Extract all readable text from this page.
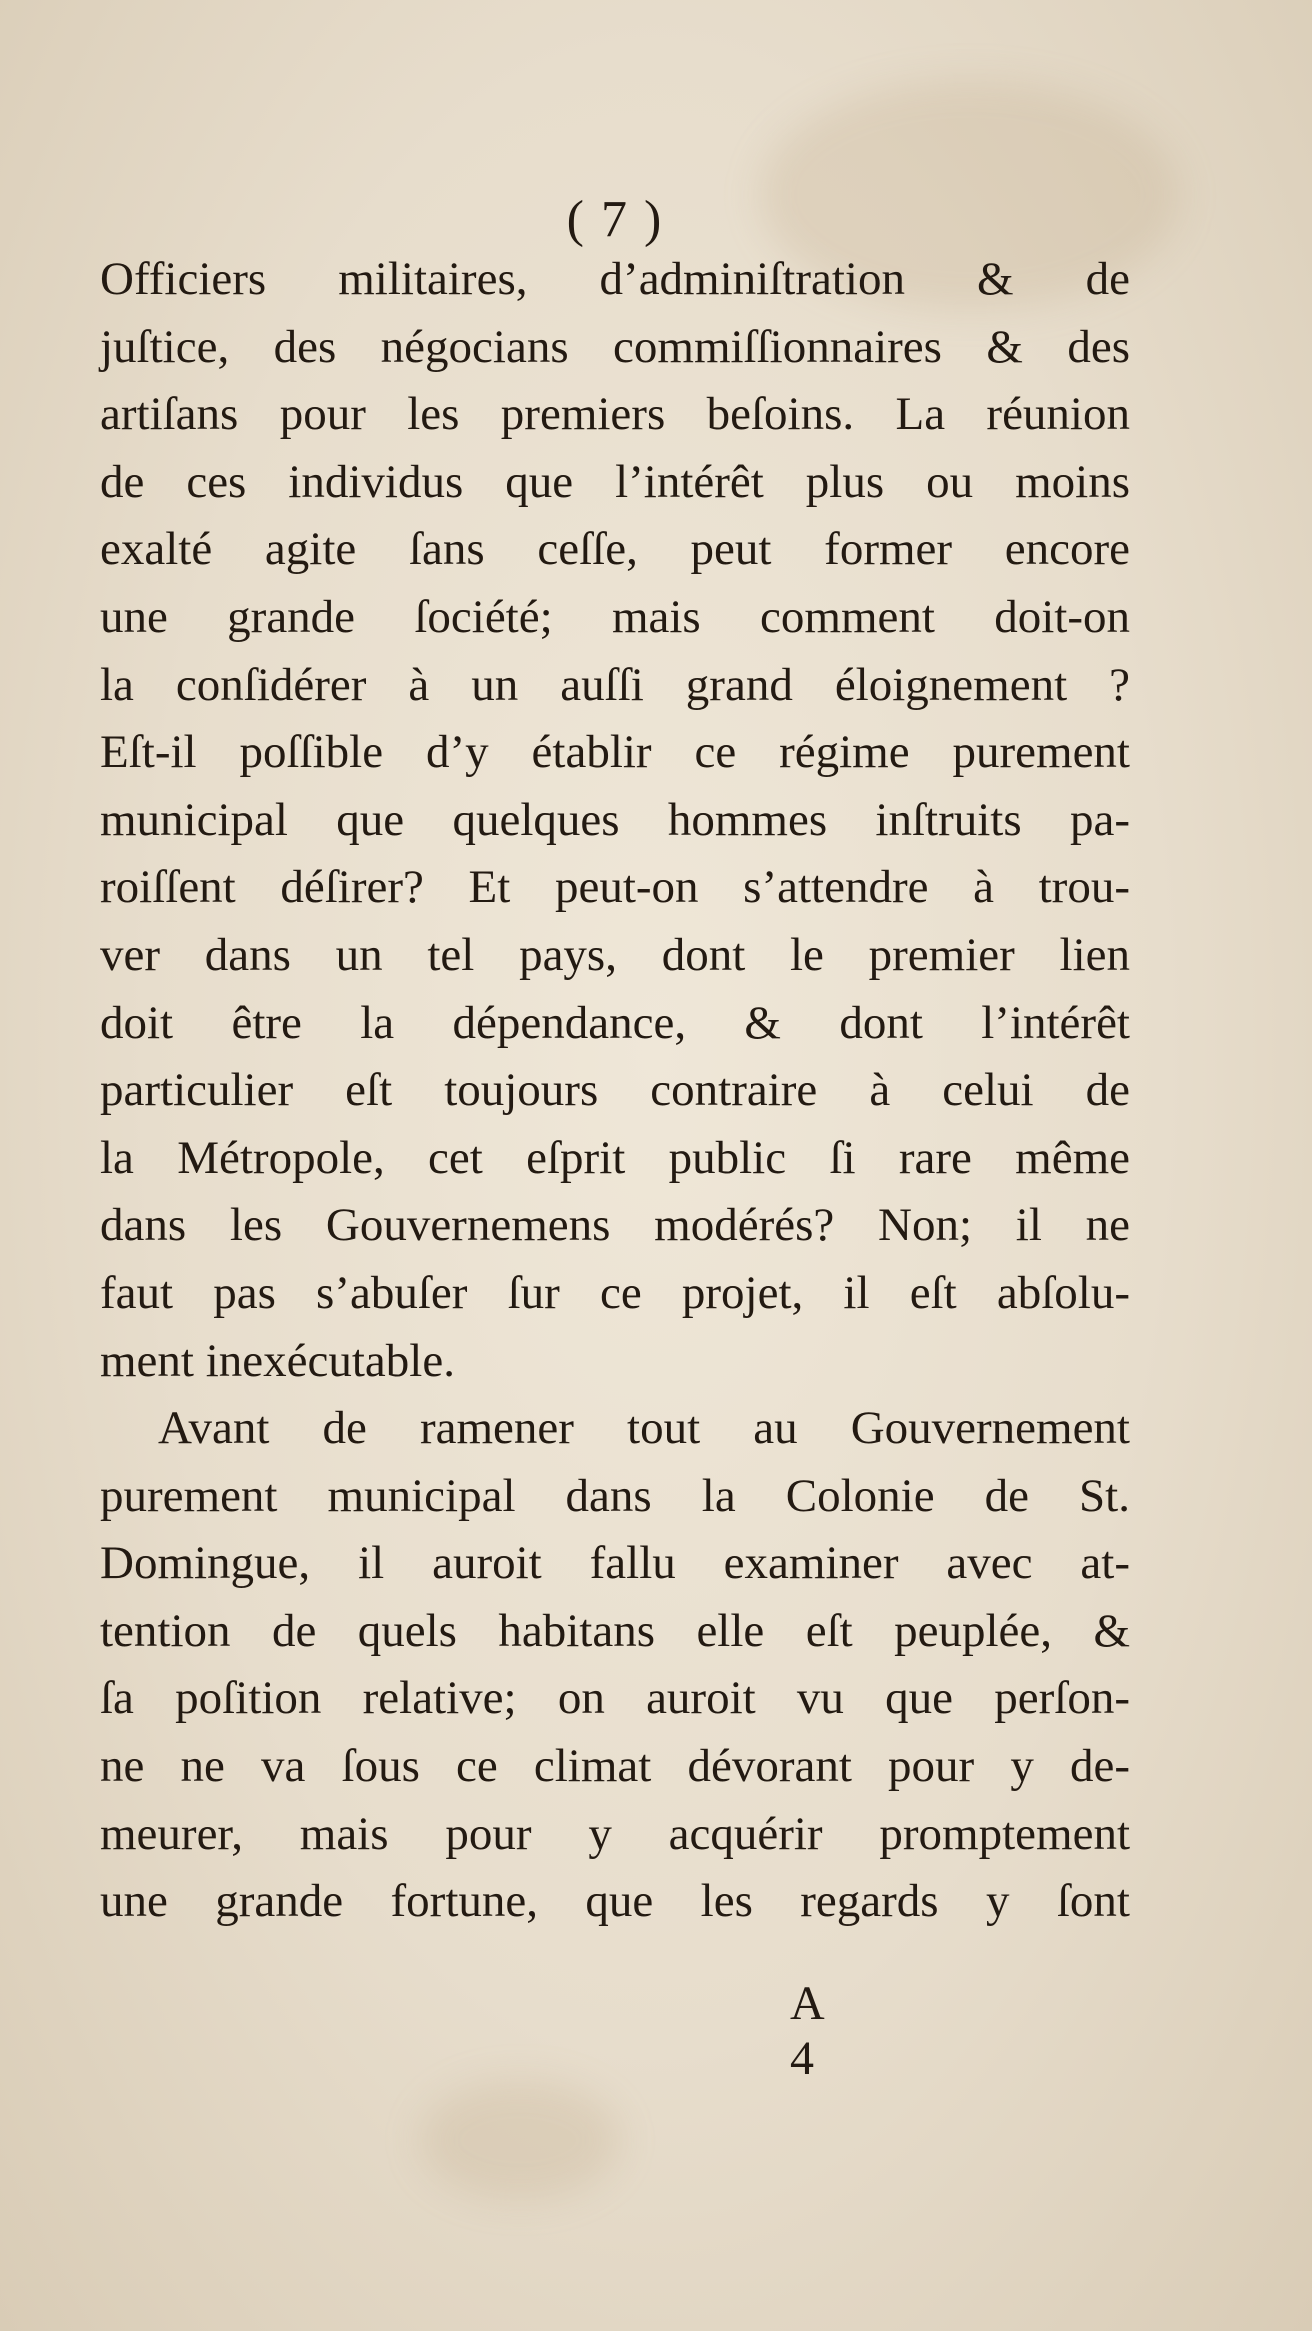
( 7 )
Officiers militaires, d’adminiſtration & de
juſtice, des négocians commiſſionnaires & des
artiſans pour les premiers beſoins. La réunion
de ces individus que l’intérêt plus ou moins
exalté agite ſans ceſſe, peut former encore
une grande ſociété; mais comment doit-on
la conſidérer à un auſſi grand éloignement ?
Eſt-il poſſible d’y établir ce régime purement
municipal que quelques hommes inſtruits pa-
roiſſent déſirer? Et peut-on s’attendre à trou-
ver dans un tel pays, dont le premier lien
doit être la dépendance, & dont l’intérêt
particulier eſt toujours contraire à celui de
la Métropole, cet eſprit public ſi rare même
dans les Gouvernemens modérés? Non; il ne
faut pas s’abuſer ſur ce projet, il eſt abſolu-
ment inexécutable.
Avant de ramener tout au Gouvernement
purement municipal dans la Colonie de St.
Domingue, il auroit fallu examiner avec at-
tention de quels habitans elle eſt peuplée, &
ſa poſition relative; on auroit vu que perſon-
ne ne va ſous ce climat dévorant pour y de-
meurer, mais pour y acquérir promptement
une grande fortune, que les regards y ſont
A 4
